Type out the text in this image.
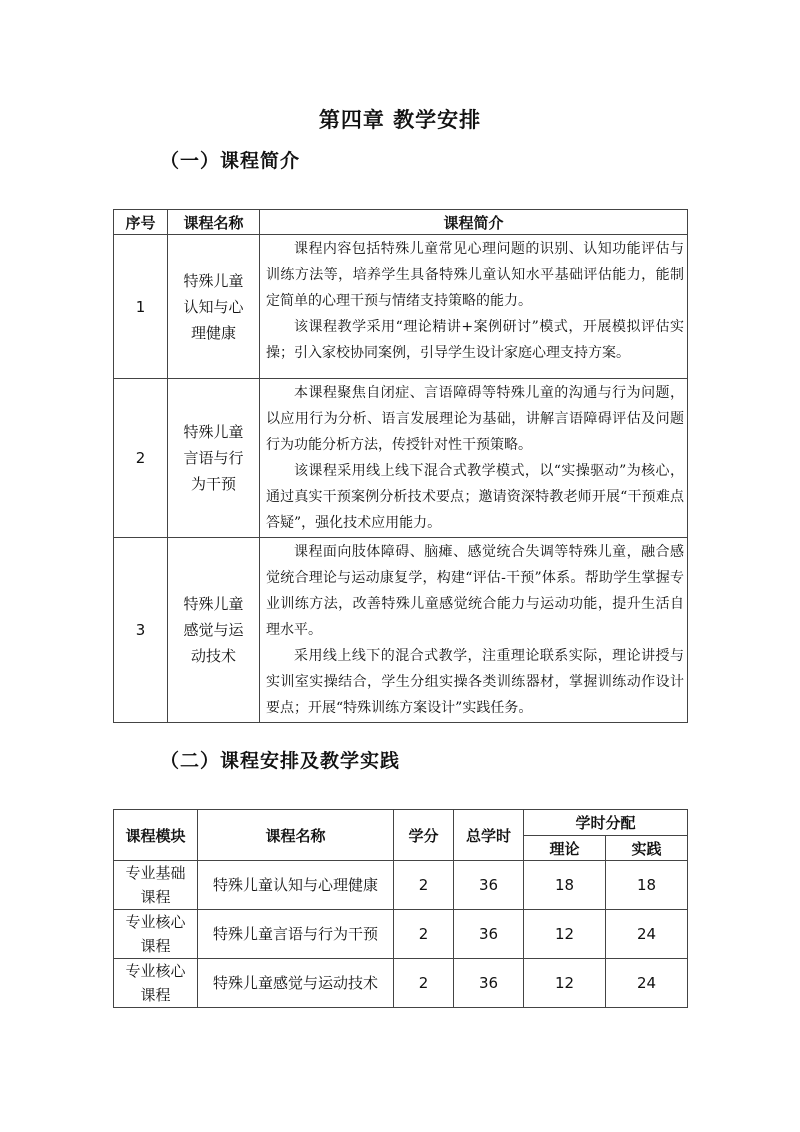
第四章 教学安排
（一）课程简介
序号	课程名称	课程简介
1	特殊儿童认知与心理健康	课程内容包括特殊儿童常见心理问题的识别、认知功能评估与训练方法等，培养学生具备特殊儿童认知水平基础评估能力，能制定简单的心理干预与情绪支持策略的能力。

该课程教学采用“理论精讲+案例研讨”模式，开展模拟评估实操；引入家校协同案例，引导学生设计家庭心理支持方案。

2	特殊儿童言语与行为干预	本课程聚焦自闭症、言语障碍等特殊儿童的沟通与行为问题，以应用行为分析、语言发展理论为基础，讲解言语障碍评估及问题行为功能分析方法，传授针对性干预策略。

该课程采用线上线下混合式教学模式，以“实操驱动”为核心，通过真实干预案例分析技术要点；邀请资深特教老师开展“干预难点答疑”，强化技术应用能力。

3	特殊儿童感觉与运动技术	课程面向肢体障碍、脑瘫、感觉统合失调等特殊儿童，融合感觉统合理论与运动康复学，构建“评估-干预”体系。帮助学生掌握专业训练方法，改善特殊儿童感觉统合能力与运动功能，提升生活自理水平。

采用线上线下的混合式教学，注重理论联系实际，理论讲授与实训室实操结合，学生分组实操各类训练器材，掌握训练动作设计要点；开展“特殊训练方案设计”实践任务。

（二）课程安排及教学实践
课程模块	课程名称	学分	总学时	学时分配	
				理论	实践
专业基础课程	特殊儿童认知与心理健康	2	36	18	18
专业核心课程	特殊儿童言语与行为干预	2	36	12	24
专业核心课程	特殊儿童感觉与运动技术	2	36	12	24
